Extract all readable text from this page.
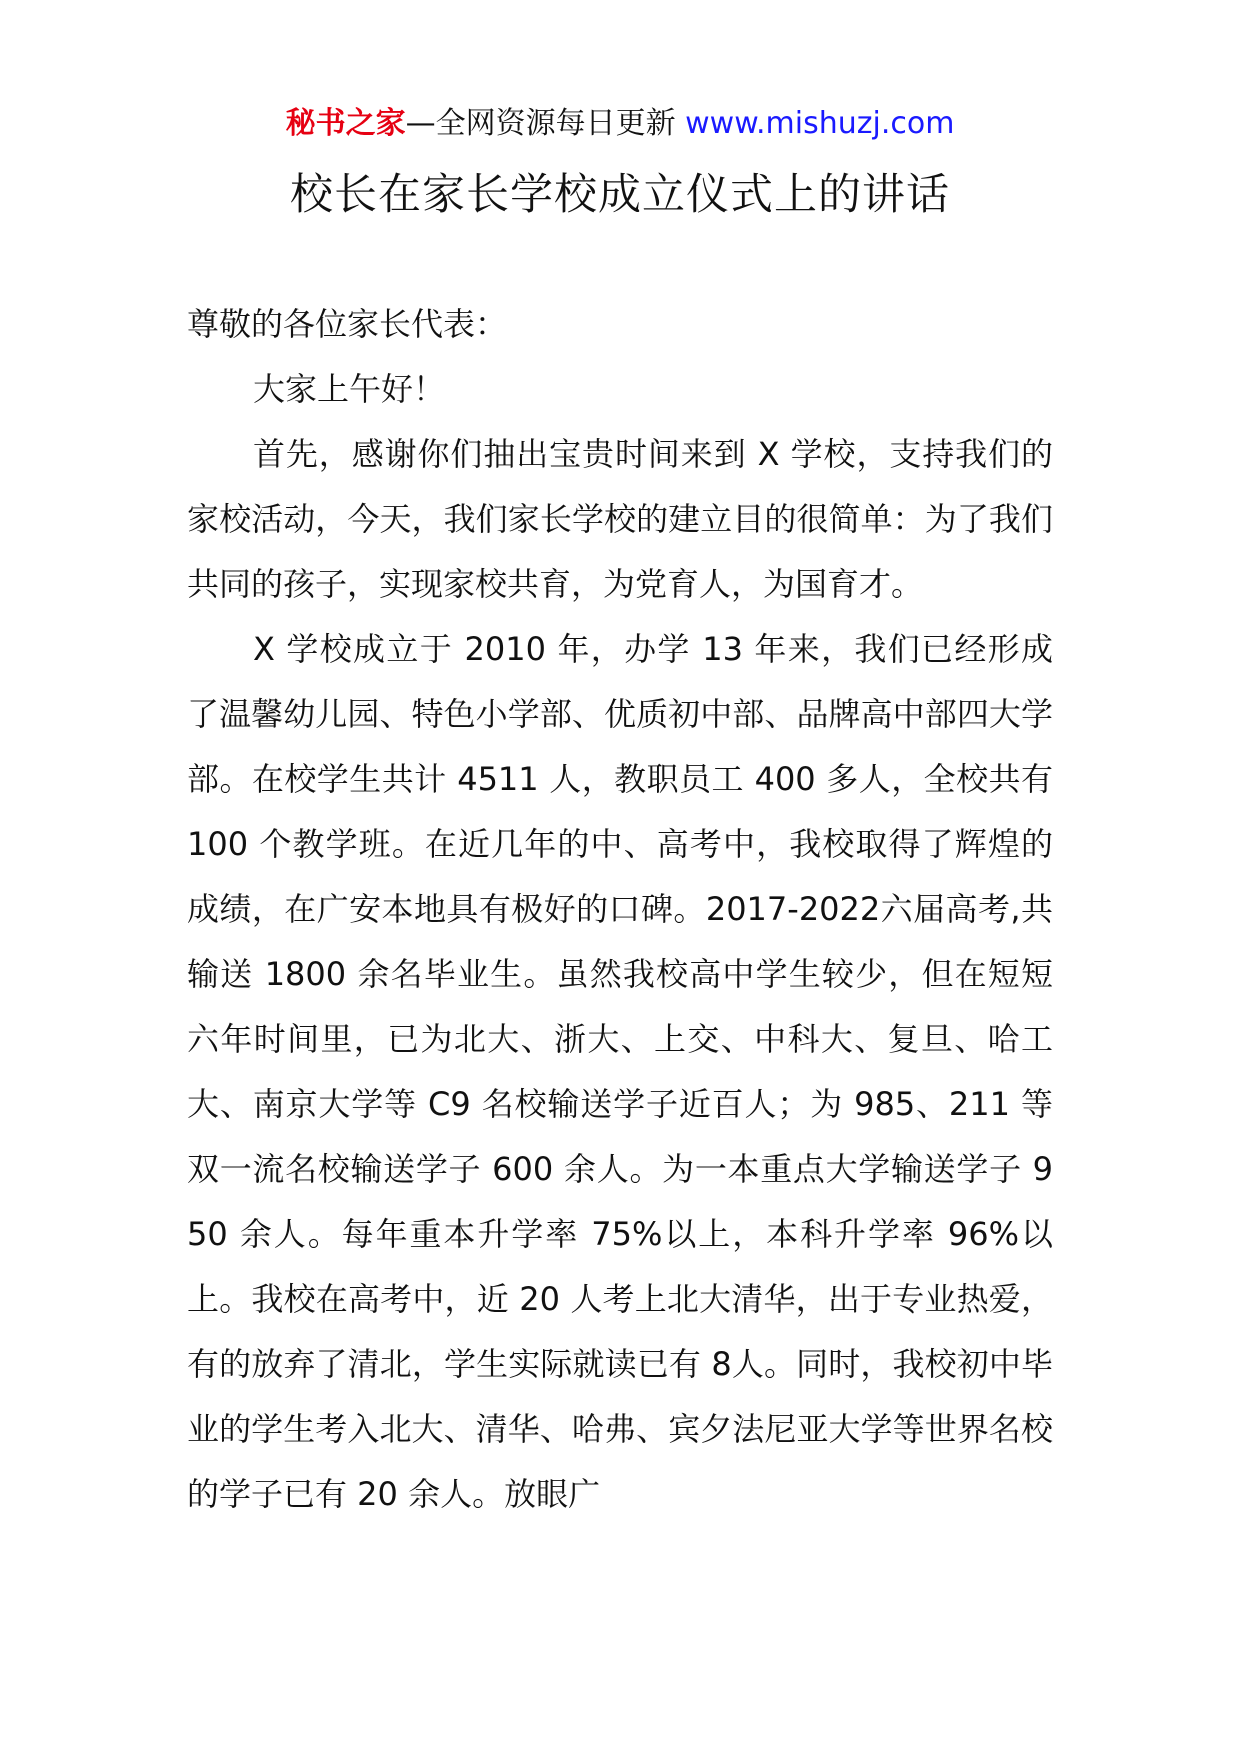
秘书之家—全网资源每日更新 www.mishuzj.com
校长在家长学校成立仪式上的讲话

尊敬的各位家长代表：

大家上午好！

首先，感谢你们抽出宝贵时间来到 X 学校，支持我们的家校活动，今天，我们家长学校的建立目的很简单：为了我们共同的孩子，实现家校共育，为党育人，为国育才。

X 学校成立于 2010 年，办学 13 年来，我们已经形成了温馨幼儿园、特色小学部、优质初中部、品牌高中部四大学部。在校学生共计 4511 人，教职员工 400 多人，全校共有 100 个教学班。在近几年的中、高考中，我校取得了辉煌的成绩，在广安本地具有极好的口碑。2017-2022六届高考,共输送 1800 余名毕业生。虽然我校高中学生较少，但在短短六年时间里，已为北大、浙大、上交、中科大、复旦、哈工大、南京大学等 C9 名校输送学子近百人；为 985、211 等双一流名校输送学子 600 余人。为一本重点大学输送学子 950 余人。每年重本升学率 75%以上，本科升学率 96%以上。我校在高考中，近 20 人考上北大清华，出于专业热爱，有的放弃了清北，学生实际就读已有 8人。同时，我校初中毕业的学生考入北大、清华、哈弗、宾夕法尼亚大学等世界名校的学子已有 20 余人。放眼广
